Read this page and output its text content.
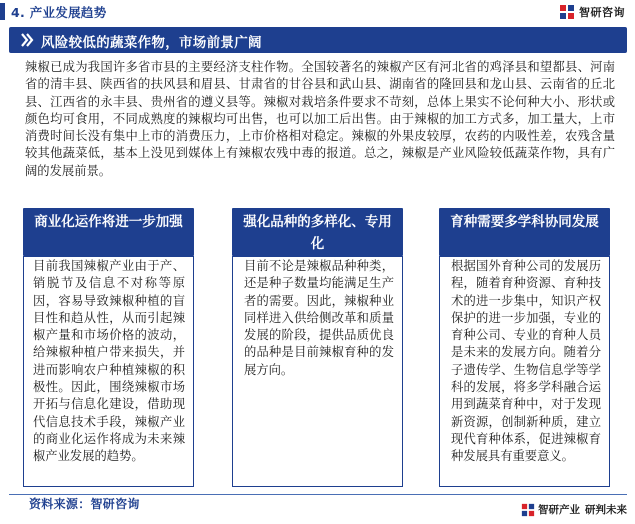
4. 产业发展趋势	智研咨询
风险较低的蔬菜作物，市场前景广阔
辣椒已成为我国许多省市县的主要经济支柱作物。全国较著名的辣椒产区有河北省的鸡泽县和望都县、河南省的清丰县、陕西省的扶风县和眉县、甘肃省的甘谷县和武山县、湖南省的隆回县和龙山县、云南省的丘北县、江西省的永丰县、贵州省的遵义县等。辣椒对栽培条件要求不苛刻，总体上果实不论何种大小、形状或颜色均可食用，不同成熟度的辣椒均可出售，也可以加工后出售。由于辣椒的加工方式多，加工量大，上市消费时间长没有集中上市的消费压力，上市价格相对稳定。辣椒的外果皮较厚，农药的内吸性差，农残含量较其他蔬菜低，基本上没见到媒体上有辣椒农残中毒的报道。总之，辣椒是产业风险较低蔬菜作物，具有广阔的发展前景。
商业化运作将进一步加强
目前我国辣椒产业由于产、销脱节及信息不对称等原因，容易导致辣椒种植的盲目性和趋从性，从而引起辣椒产量和市场价格的波动，给辣椒种植户带来损失，并进而影响农户种植辣椒的积极性。因此，围绕辣椒市场开拓与信息化建设，借助现代信息技术手段，辣椒产业的商业化运作将成为未来辣椒产业发展的趋势。
强化品种的多样化、专用化
目前不论是辣椒品种种类，还是种子数量均能满足生产者的需要。因此，辣椒种业同样进入供给侧改革和质量发展的阶段，提供品质优良的品种是目前辣椒育种的发展方向。
育种需要多学科协同发展
根据国外育种公司的发展历程，随着育种资源、育种技术的进一步集中，知识产权保护的进一步加强，专业的育种公司、专业的育种人员是未来的发展方向。随着分子遗传学、生物信息学等学科的发展，将多学科融合运用到蔬菜育种中，对于发现新资源，创制新种质，建立现代育种体系，促进辣椒育种发展具有重要意义。
资料来源：智研咨询	智研产业 研判未来
